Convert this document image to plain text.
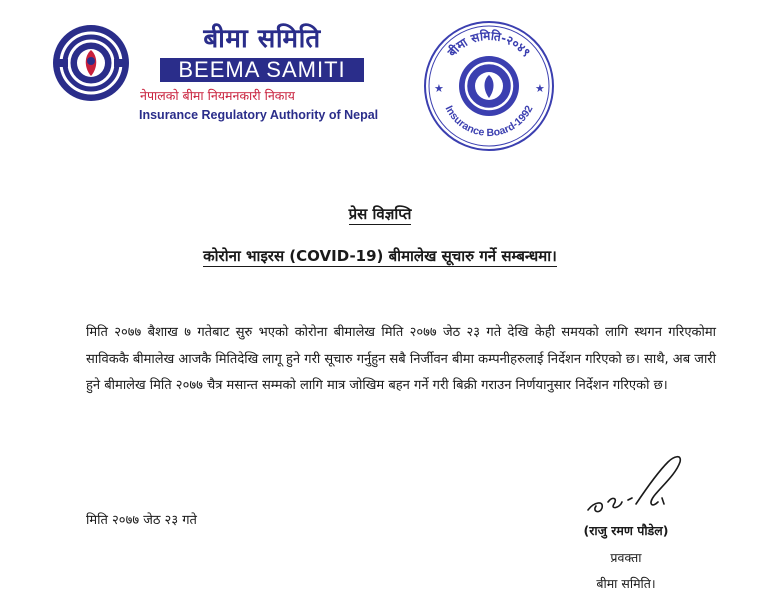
बीमा समिति
BEEMA SAMITI
नेपालको बीमा नियमनकारी निकाय
Insurance Regulatory Authority of Nepal
बीमा समिति-२०४९
Insurance Board-1992
★	★
प्रेस विज्ञप्ति
कोरोना भाइरस (COVID-19) बीमालेख सूचारु गर्ने सम्बन्धमा।

मिति २०७७ बैशाख ७ गतेबाट सुरु भएको कोरोना बीमालेख मिति २०७७ जेठ २३ गते देखि केही समयको लागि स्थगन गरिएकोमा साविककै बीमालेख आजकै मितिदेखि लागू हुने गरी सूचारु गर्नुहुन सबै निर्जीवन बीमा कम्पनीहरुलाई निर्देशन गरिएको छ। साथै, अब जारी हुने बीमालेख मिति २०७७ चैत्र मसान्त सम्मको लागि मात्र जोखिम बहन गर्ने गरी बिक्री गराउन निर्णयानुसार निर्देशन गरिएको छ।

मिति २०७७ जेठ २३ गते
(राजु रमण पौडेल)
प्रवक्ता
बीमा समिति।
